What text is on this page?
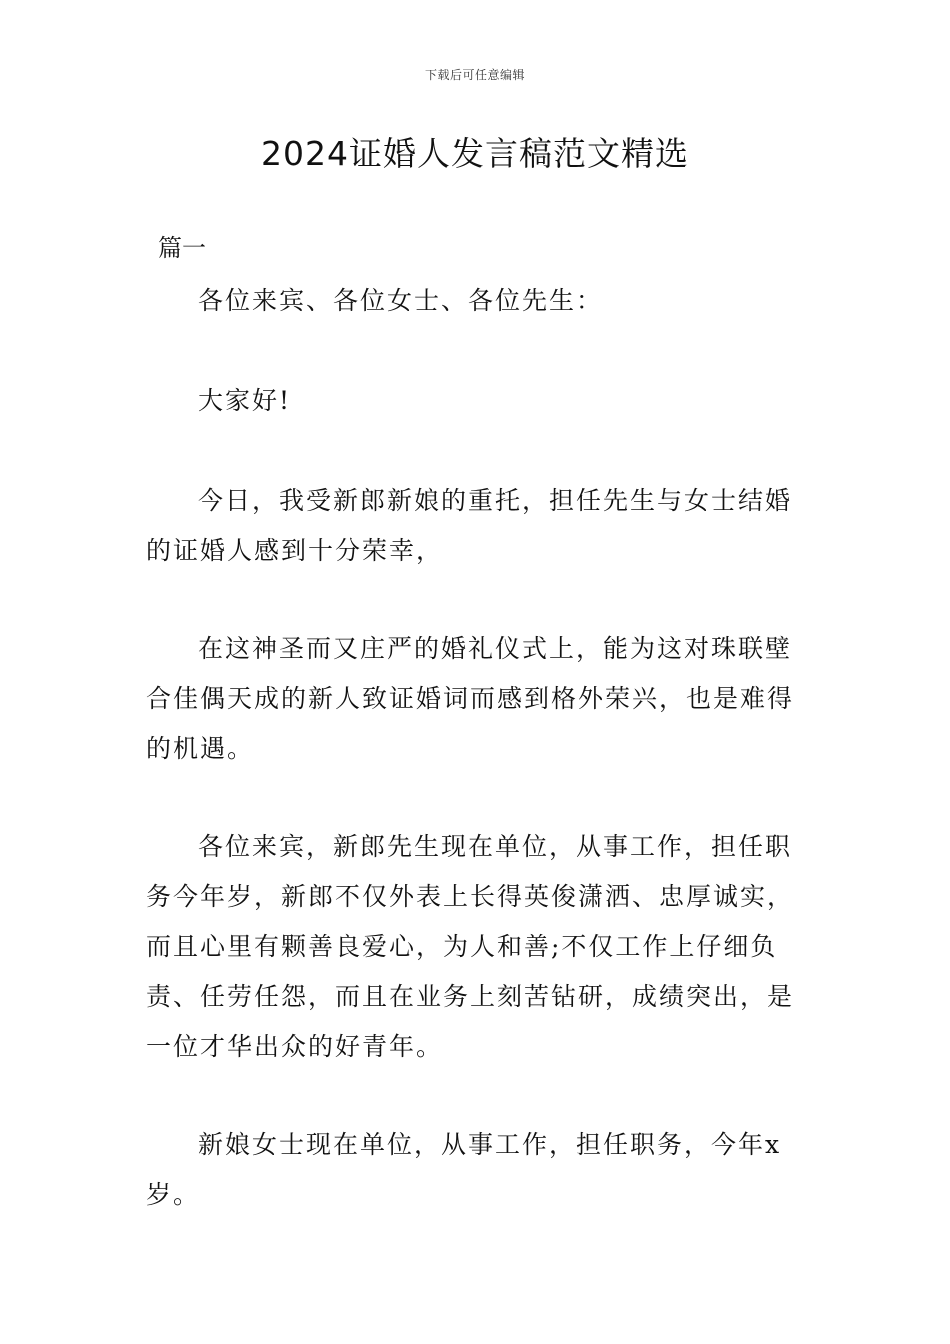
下载后可任意编辑
2024证婚人发言稿范文精选
篇一

各位来宾、各位女士、各位先生：

大家好!

今日，我受新郎新娘的重托，担任先生与女士结婚的证婚人感到十分荣幸，

在这神圣而又庄严的婚礼仪式上，能为这对珠联壁合佳偶天成的新人致证婚词而感到格外荣兴，也是难得的机遇。

各位来宾，新郎先生现在单位，从事工作，担任职务今年岁，新郎不仅外表上长得英俊潇洒、忠厚诚实，而且心里有颗善良爱心，为人和善;不仅工作上仔细负责、任劳任怨，而且在业务上刻苦钻研，成绩突出，是一位才华出众的好青年。

新娘女士现在单位，从事工作，担任职务，今年x岁。
